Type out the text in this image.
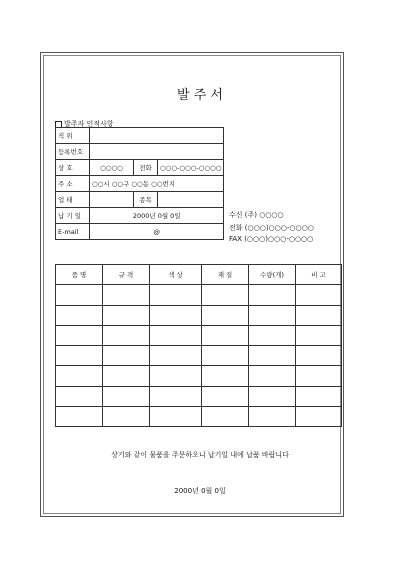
발 주 서
발주자 인적사항
직 위			
등록번호			
상 호	○○○○	전화	○○○-○○○-○○○○
주 소	○○시 ○○구 ○○동 ○○번지		
업 태		종목	
납 기 일	2000년 0월 0일		
E-mail	@		
수신 (주) ○○○○
전화 (○○○)○○○-○○○○
FAX (○○○)○○○-○○○○
품 명	규 격	색 상	재 질	수량(개)	비 고

상기와 같이 물품을 주문하오니 납기일 내에 납품 바랍니다
2000년 0월 0일
